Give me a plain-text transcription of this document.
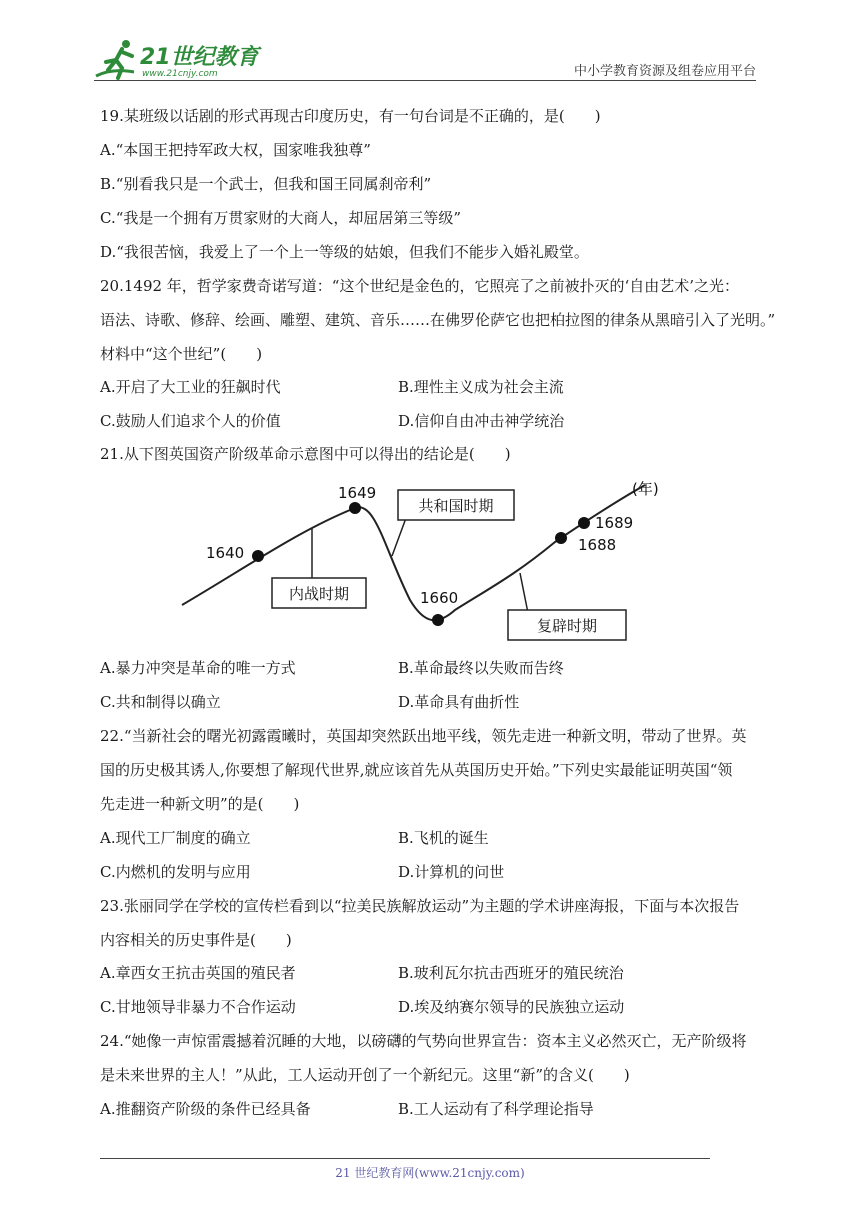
21世纪教育
www.21cnjy.com	中小学教育资源及组卷应用平台
19.某班级以话剧的形式再现古印度历史，有一句台词是不正确的，是(　　)
A.“本国王把持军政大权，国家唯我独尊”
B.“别看我只是一个武士，但我和国王同属刹帝利”
C.“我是一个拥有万贯家财的大商人，却屈居第三等级”
D.“我很苦恼，我爱上了一个上一等级的姑娘，但我们不能步入婚礼殿堂。
20.1492 年，哲学家费奇诺写道：“这个世纪是金色的，它照亮了之前被扑灭的‘自由艺术’之光：
语法、诗歌、修辞、绘画、雕塑、建筑、音乐……在佛罗伦萨它也把柏拉图的律条从黑暗引入了光明。”
材料中“这个世纪”(　　)
A.开启了大工业的狂飙时代	B.理性主义成为社会主流
C.鼓励人们追求个人的价值	D.信仰自由冲击神学统治
21.从下图英国资产阶级革命示意图中可以得出的结论是(　　)
1640
1649
1660
1688
1689
(年)
共和国时期
内战时期
复辟时期
A.暴力冲突是革命的唯一方式	B.革命最终以失败而告终
C.共和制得以确立	D.革命具有曲折性
22.“当新社会的曙光初露霞曦时，英国却突然跃出地平线，领先走进一种新文明，带动了世界。英
国的历史极其诱人,你要想了解现代世界,就应该首先从英国历史开始。”下列史实最能证明英国“领
先走进一种新文明”的是(　　)
A.现代工厂制度的确立	B.飞机的诞生
C.内燃机的发明与应用	D.计算机的问世
23.张丽同学在学校的宣传栏看到以“拉美民族解放运动”为主题的学术讲座海报，下面与本次报告
内容相关的历史事件是(　　)
A.章西女王抗击英国的殖民者	B.玻利瓦尔抗击西班牙的殖民统治
C.甘地领导非暴力不合作运动	D.埃及纳赛尔领导的民族独立运动
24.“她像一声惊雷震撼着沉睡的大地，以磅礴的气势向世界宣告：资本主义必然灭亡，无产阶级将
是未来世界的主人！”从此，工人运动开创了一个新纪元。这里“新”的含义(　　)
A.推翻资产阶级的条件已经具备	B.工人运动有了科学理论指导
21 世纪教育网(www.21cnjy.com)
